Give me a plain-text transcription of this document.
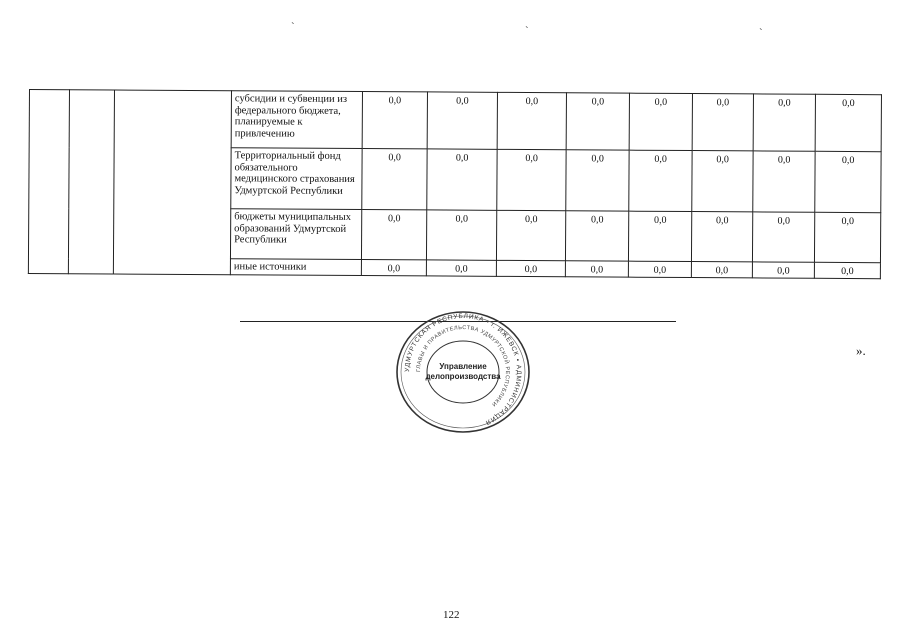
`	`	`
			субсидии и субвенции из федерального бюджета, планируемые к привлечению	0,0	0,0	0,0	0,0	0,0	0,0	0,0	0,0
			Территориальный фонд обязательного медицинского страхования Удмуртской Республики	0,0	0,0	0,0	0,0	0,0	0,0	0,0	0,0
			бюджеты муниципальных образований Удмуртской Республики	0,0	0,0	0,0	0,0	0,0	0,0	0,0	0,0
			иные источники	0,0	0,0	0,0	0,0	0,0	0,0	0,0	0,0
».
УДМУРТСКАЯ РЕСПУБЛИКА • г. ИЖЕВСК • АДМИНИСТРАЦИЯ
ГЛАВЫ И ПРАВИТЕЛЬСТВА УДМУРТСКОЙ РЕСПУБЛИКИ
Управление
делопроизводства
122
